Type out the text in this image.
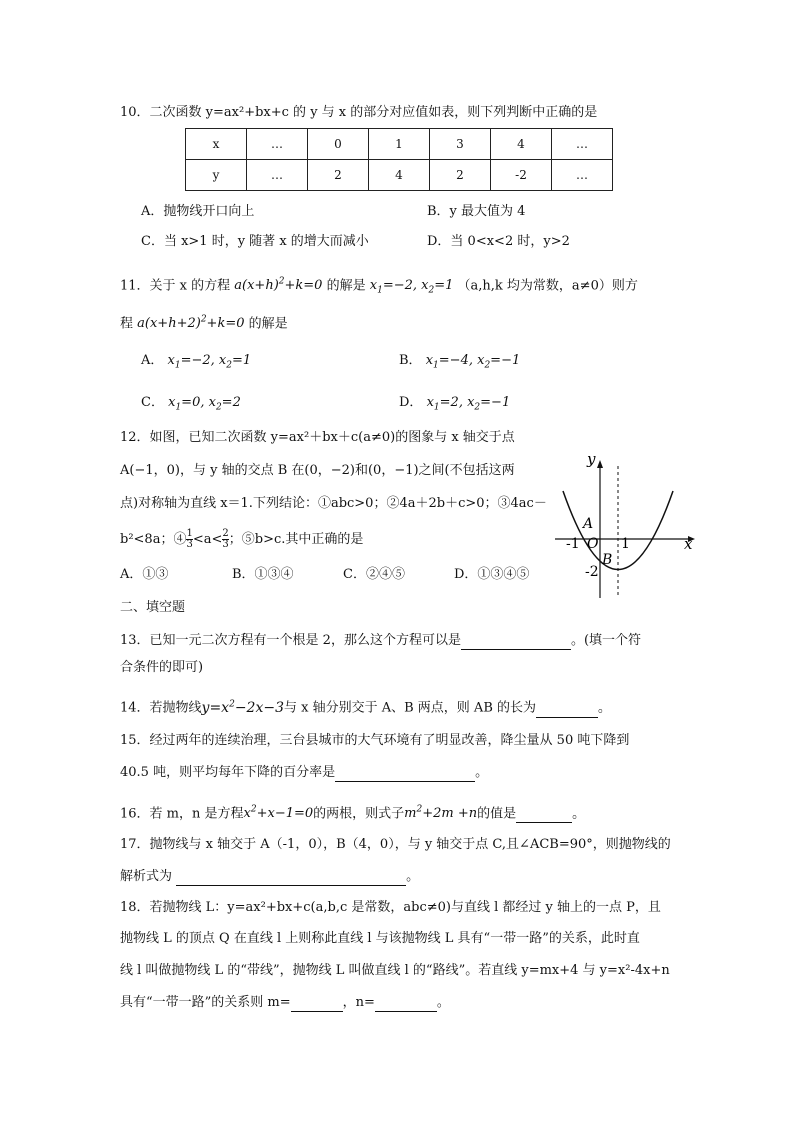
10．二次函数 y=ax²+bx+c 的 y 与 x 的部分对应值如表，则下列判断中正确的是
x	…	0	1	3	4	…
y	…	2	4	2	-2	…
A．抛物线开口向上	B．y 最大值为 4
C．当 x>1 时，y 随著 x 的增大而减小	D．当 0<x<2 时，y>2
11．关于 x 的方程 $a(x+h)^2+k=0$ 的解是 $x_1=-2$, $x_2=1$ （a,h,k 均为常数，a≠0）则方
程 $a(x+h+2)^2+k=0$ 的解是
A． $x_1=-2$, $x_2=1$	B． $x_1=-4$, $x_2=-1$
C． $x_1=0$, $x_2=2$	D． $x_1=2$, $x_2=-1$
12．如图，已知二次函数 y=ax²＋bx＋c(a≠0)的图象与 x 轴交于点
A(−1，0)，与 y 轴的交点 B 在(0，−2)和(0，−1)之间(不包括这两
点)对称轴为直线 x＝1.下列结论：①abc>0；②4a＋2b＋c>0；③4ac－
b²<8a；④ $\frac{1}{3} <a< \frac{2}{3}$ ；⑤b>c.其中正确的是
A．①③	B．①③④	C．②④⑤	D．①③④⑤
y
x
A
-1 O 1
B
-2
二、填空题
13．已知一元二次方程有一个根是 2，那么这个方程可以是	。(填一个符
合条件的即可)
14．若抛物线$y=x^2-2x-3$与 x 轴分别交于 A、B 两点，则 AB 的长为	。
15．经过两年的连续治理，三台县城市的大气环境有了明显改善，降尘量从 50 吨下降到
40.5 吨，则平均每年下降的百分率是	。
16．若 m，n 是方程$x^2+x-1=0$的两根，则式子$m^2+2m +n$的值是	。
17．抛物线与 x 轴交于 A（-1，0），B（4，0），与 y 轴交于点 C,且∠ACB=90°，则抛物线的
解析式为	。
18．若抛物线 L：y=ax²+bx+c(a,b,c 是常数，abc≠0)与直线 l 都经过 y 轴上的一点 P，且
抛物线 L 的顶点 Q 在直线 l 上则称此直线 l 与该抛物线 L 具有“一带一路”的关系，此时直
线 l 叫做抛物线 L 的“带线”，抛物线 L 叫做直线 l 的“路线”。若直线 y=mx+4 与 y=x²-4x+n
具有“一带一路”的关系则 m=	，n=	。
